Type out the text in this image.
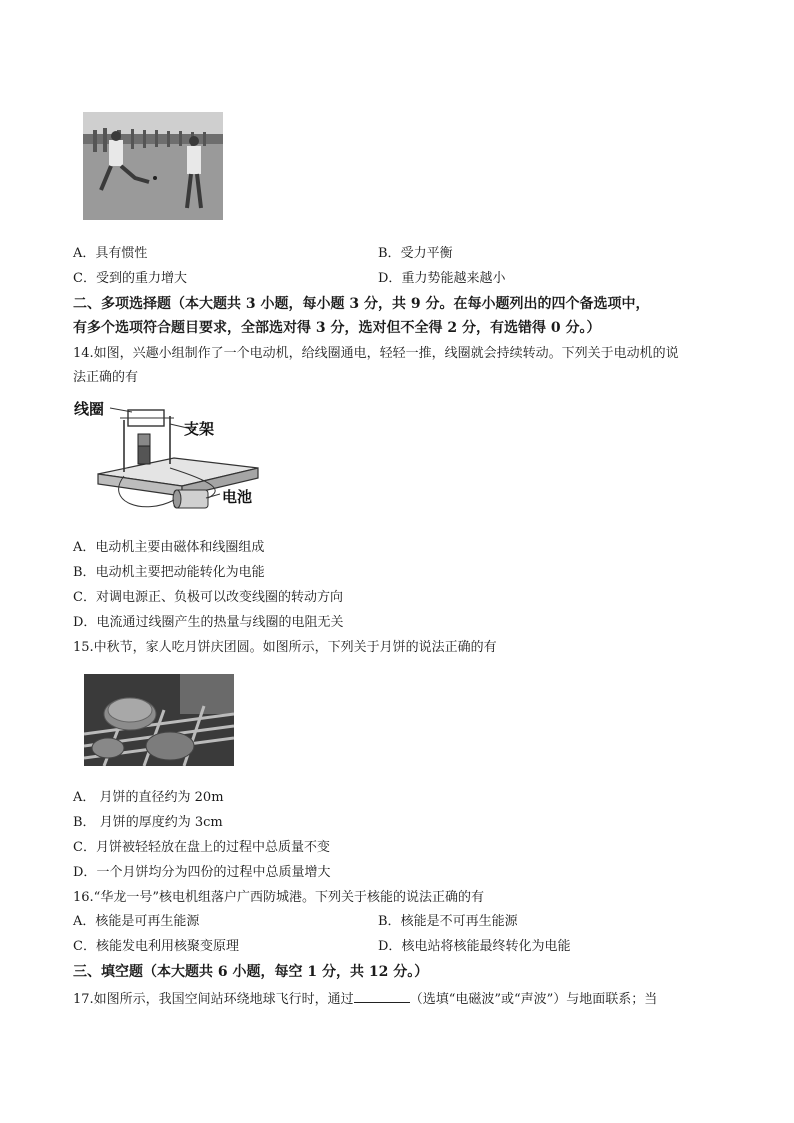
A．具有惯性	B．受力平衡
C．受到的重力增大	D．重力势能越来越小
二、多项选择题（本大题共 3 小题，每小题 3 分，共 9 分。在每小题列出的四个备选项中，
有多个选项符合题目要求，全部选对得 3 分，选对但不全得 2 分，有选错得 0 分。）
14.如图，兴趣小组制作了一个电动机，给线圈通电，轻轻一推，线圈就会持续转动。下列关于电动机的说
法正确的有
线圈
支架
电池
A．电动机主要由磁体和线圈组成
B．电动机主要把动能转化为电能
C．对调电源正、负极可以改变线圈的转动方向
D．电流通过线圈产生的热量与线圈的电阻无关
15.中秋节，家人吃月饼庆团圆。如图所示，下列关于月饼的说法正确的有
A． 月饼的直径约为 20m
B． 月饼的厚度约为 3cm
C．月饼被轻轻放在盘上的过程中总质量不变
D．一个月饼均分为四份的过程中总质量增大
16.“华龙一号”核电机组落户广西防城港。下列关于核能的说法正确的有
A．核能是可再生能源	B．核能是不可再生能源
C．核能发电利用核聚变原理	D．核电站将核能最终转化为电能
三、填空题（本大题共 6 小题，每空 1 分，共 12 分。）
17.如图所示，我国空间站环绕地球飞行时，通过	（选填“电磁波”或“声波”）与地面联系；当
